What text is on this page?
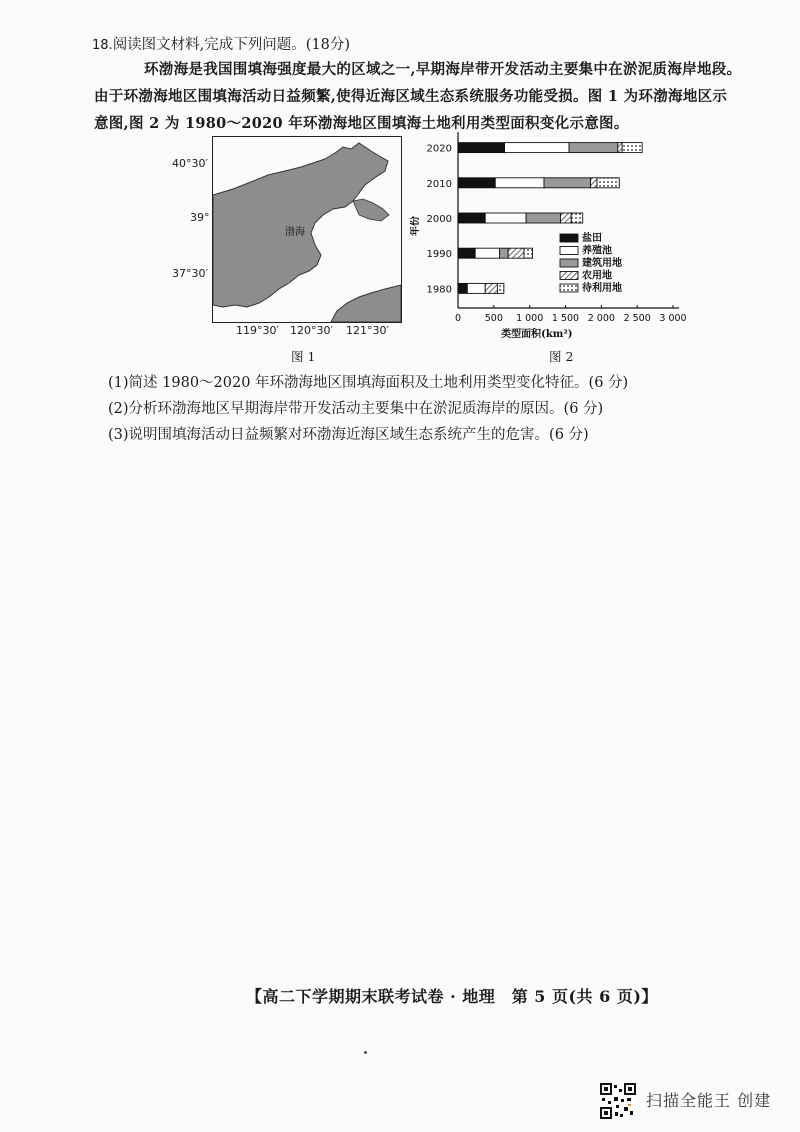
18.阅读图文材料,完成下列问题。(18分)

环渤海是我国围填海强度最大的区域之一,早期海岸带开发活动主要集中在淤泥质海岸地段。

由于环渤海地区围填海活动日益频繁,使得近海区域生态系统服务功能受损。图 1 为环渤海地区示

意图,图 2 为 1980～2020 年环渤海地区围填海土地利用类型面积变化示意图。

40°30′
39°
37°30′
渤海
119°30′ 120°30′ 121°30′
图 1
0 500 1 000 1 500 2 000 2 500 3 000
类型面积(km²)
年份
2020
2010
2000
1990
1980
盐田
养殖池
建筑用地
农用地
待利用地
图 2
(1)简述 1980～2020 年环渤海地区围填海面积及土地利用类型变化特征。(6 分)
(2)分析环渤海地区早期海岸带开发活动主要集中在淤泥质海岸的原因。(6 分)
(3)说明围填海活动日益频繁对环渤海近海区域生态系统产生的危害。(6 分)
【高二下学期期末联考试卷 · 地理　第 5 页(共 6 页)】
扫描全能王 创建
